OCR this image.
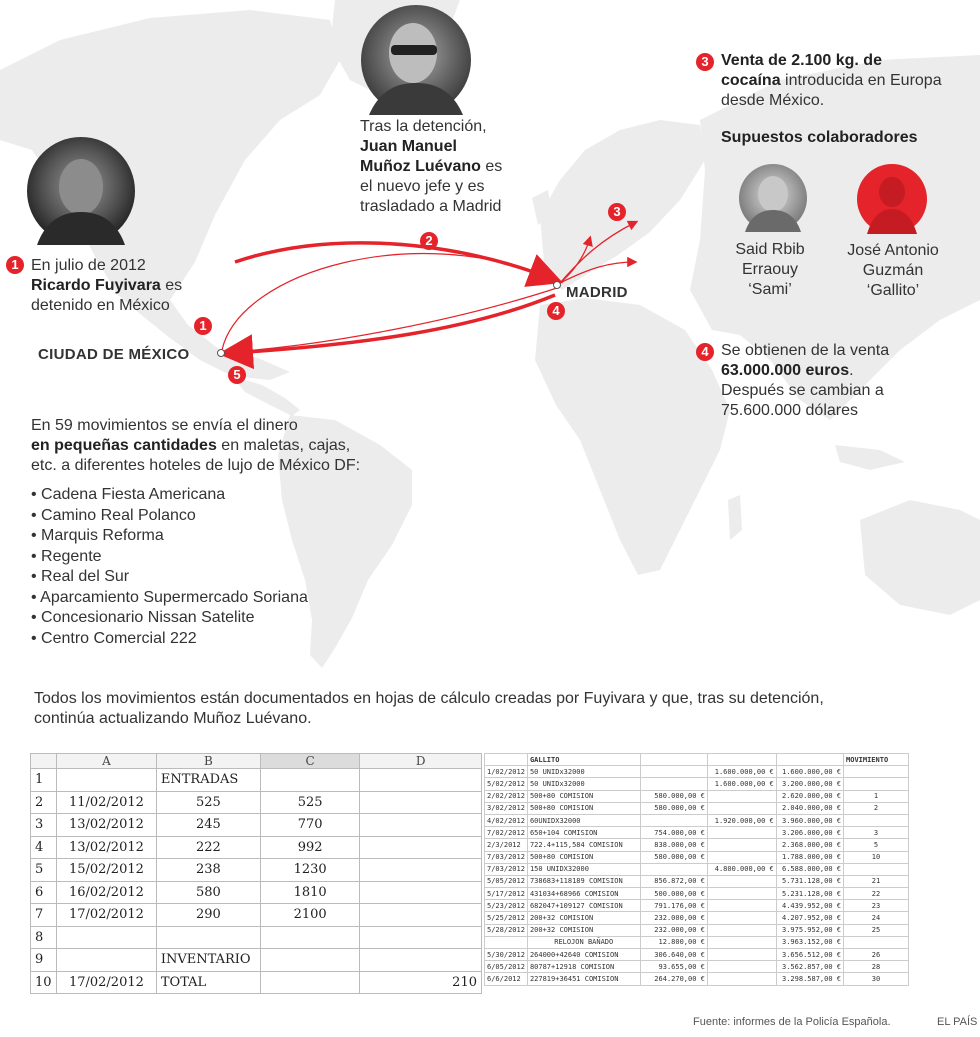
MADRID
CIUDAD DE MÉXICO
1
2
3
4
5
1 En julio de 2012
Ricardo Fuyivara es
detenido en México
Tras la detención,
Juan Manuel
Muñoz Luévano es
el nuevo jefe y es
trasladado a Madrid
3 Venta de 2.100 kg. de
cocaína introducida en Europa
desde México.
Supuestos colaboradores
Said Rbib
Erraouy
‘Sami’
José Antonio
Guzmán
‘Gallito’
4 Se obtienen de la venta
63.000.000 euros.
Después se cambian a
75.600.000 dólares
En 59 movimientos se envía el dinero
en pequeñas cantidades en maletas, cajas,
etc. a diferentes hoteles de lujo de México DF:
• Cadena Fiesta Americana
• Camino Real Polanco
• Marquis Reforma
• Regente
• Real del Sur
• Aparcamiento Supermercado Soriana
• Concesionario Nissan Satelite
• Centro Comercial 222
Todos los movimientos están documentados en hojas de cálculo creadas por Fuyivara y que, tras su detención,
continúa actualizando Muñoz Luévano.
	A	B	C	D
1		ENTRADAS		
2	11/02/2012	525	525	
3	13/02/2012	245	770	
4	13/02/2012	222	992	
5	15/02/2012	238	1230	
6	16/02/2012	580	1810	
7	17/02/2012	290	2100	
8				
9		INVENTARIO		
10	17/02/2012	TOTAL		210
	GALLITO				MOVIMIENTO
1/02/2012	50 UNIDx32000		1.600.000,00 €	1.600.000,00 €	
5/02/2012	50 UNIDx32000		1.600.000,00 €	3.200.000,00 €	
2/02/2012	500+80 COMISION	580.000,00 €		2.620.000,00 €	1
3/02/2012	500+80 COMISION	580.000,00 €		2.040.000,00 €	2
4/02/2012	60UNIDX32000		1.920.000,00 €	3.960.000,00 €	
7/02/2012	650+104 COMISION	754.000,00 €		3.206.000,00 €	3
2/3/2012	722.4+115,584 COMISION	838.000,00 €		2.368.000,00 €	5
7/03/2012	500+80 COMISION	580.000,00 €		1.788.000,00 €	10
7/03/2012	150 UNIDX32000		4.800.000,00 €	6.588.000,00 €	
5/05/2012	738683+118189 COMISION	856.872,00 €		5.731.128,00 €	21
5/17/2012	431034+68966 COMISION	500.000,00 €		5.231.128,00 €	22
5/23/2012	682047+109127 COMISION	791.176,00 €		4.439.952,00 €	23
5/25/2012	200+32 COMISION	232.000,00 €		4.207.952,00 €	24
5/28/2012	200+32 COMISION	232.000,00 €		3.975.952,00 €	25
	RELOJON BAÑADO	12.800,00 €		3.963.152,00 €	
5/30/2012	264000+42640 COMISION	306.640,00 €		3.656.512,00 €	26
6/05/2012	80787+12918 COMISION	93.655,00 €		3.562.857,00 €	28
6/6/2012	227819+36451 COMISION	264.270,00 €		3.298.587,00 €	30
Fuente: informes de la Policía Española.	EL PAÍS
